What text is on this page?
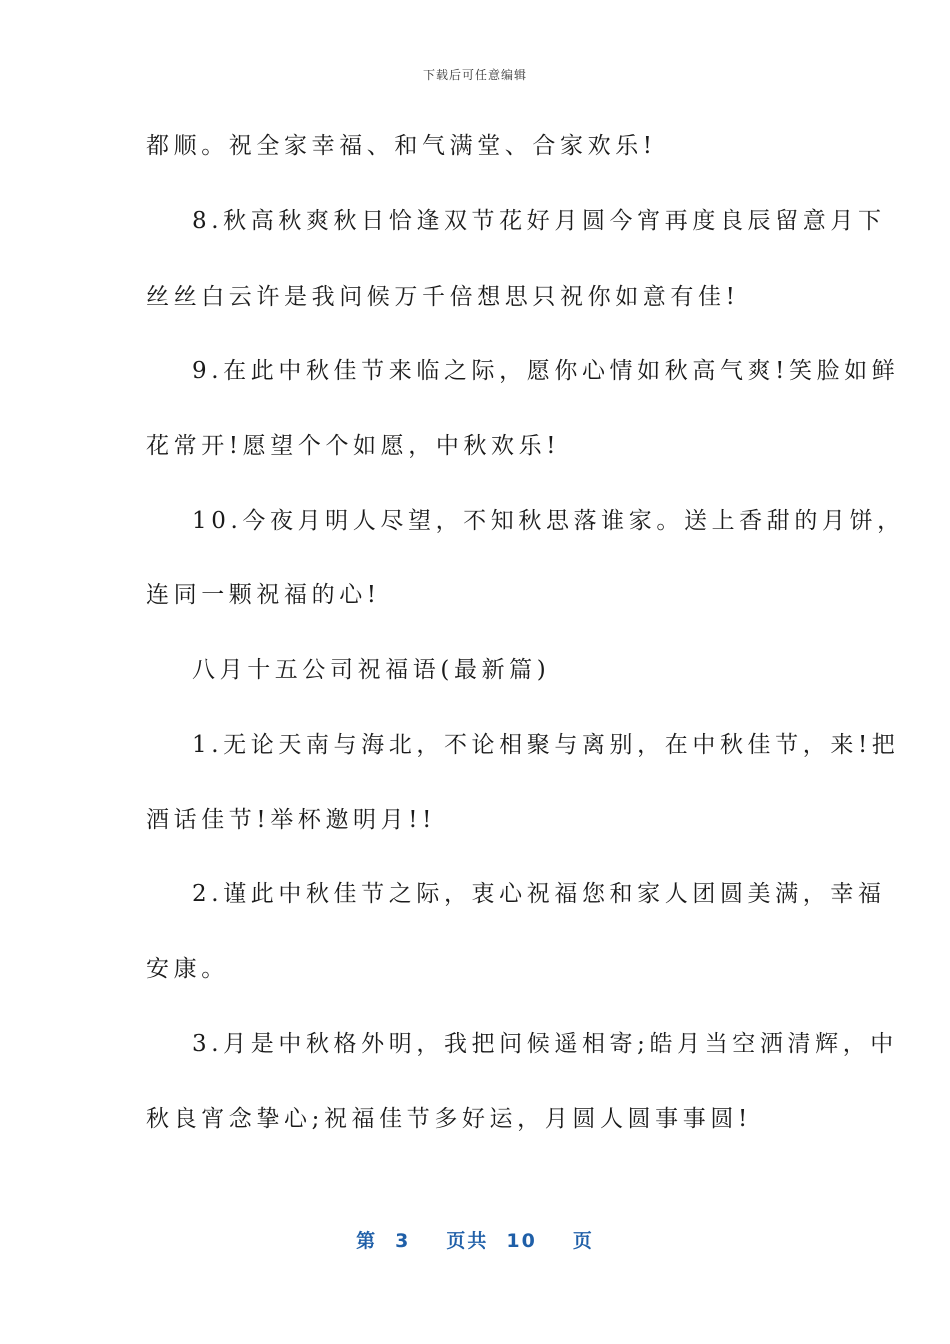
下载后可任意编辑
都顺。祝全家幸福、和气满堂、合家欢乐!
8.秋高秋爽秋日恰逢双节花好月圆今宵再度良辰留意月下
丝丝白云许是我问候万千倍想思只祝你如意有佳!
9.在此中秋佳节来临之际，愿你心情如秋高气爽!笑脸如鲜
花常开!愿望个个如愿，中秋欢乐!
10.今夜月明人尽望，不知秋思落谁家。送上香甜的月饼，
连同一颗祝福的心!
八月十五公司祝福语(最新篇)
1.无论天南与海北，不论相聚与离别，在中秋佳节，来!把
酒话佳节!举杯邀明月!!
2.谨此中秋佳节之际，衷心祝福您和家人团圆美满，幸福
安康。
3.月是中秋格外明，我把问候遥相寄;皓月当空洒清辉，中
秋良宵念挚心;祝福佳节多好运，月圆人圆事事圆!
第 3 页共 10 页
